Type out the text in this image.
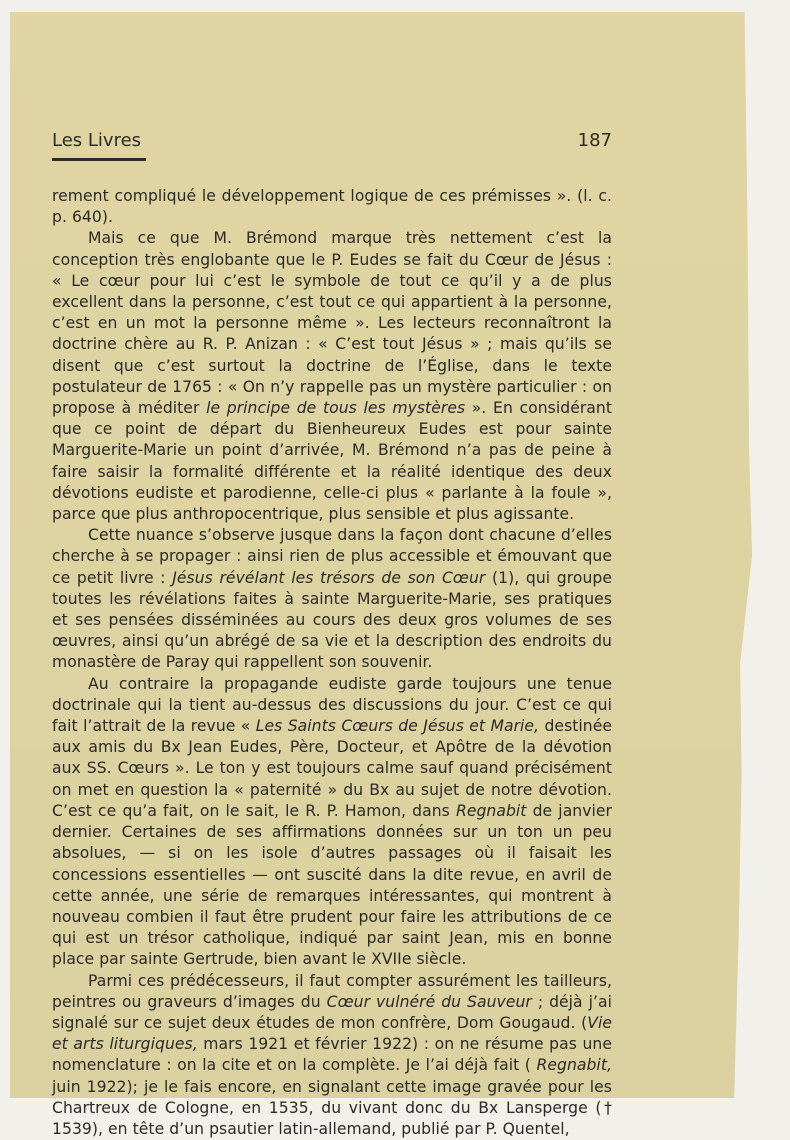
Les Livres	187

rement compliqué le développement logique de ces prémisses ». (l. c. p. 640).

Mais ce que M. Brémond marque très nettement c’est la conception très englobante que le P. Eudes se fait du Cœur de Jésus : « Le cœur pour lui c’est le symbole de tout ce qu’il y a de plus excellent dans la personne, c’est tout ce qui appartient à la personne, c’est en un mot la personne même ». Les lecteurs reconnaîtront la doctrine chère au R. P. Anizan : « C’est tout Jésus » ; mais qu’ils se disent que c’est surtout la doctrine de l’Église, dans le texte postulateur de 1765 : « On n’y rappelle pas un mystère particulier : on propose à méditer le principe de tous les mystères ». En considérant que ce point de départ du Bienheureux Eudes est pour sainte Marguerite-Marie un point d’arrivée, M. Brémond n’a pas de peine à faire saisir la formalité différente et la réalité identique des deux dévotions eudiste et parodienne, celle-ci plus « parlante à la foule », parce que plus anthropocentrique, plus sensible et plus agissante.

Cette nuance s’observe jusque dans la façon dont chacune d’elles cherche à se propager : ainsi rien de plus accessible et émouvant que ce petit livre : Jésus révélant les trésors de son Cœur (1), qui groupe toutes les révélations faites à sainte Marguerite-Marie, ses pratiques et ses pensées disséminées au cours des deux gros volumes de ses œuvres, ainsi qu’un abrégé de sa vie et la description des endroits du monastère de Paray qui rappellent son souvenir.

Au contraire la propagande eudiste garde toujours une tenue doctrinale qui la tient au-dessus des discussions du jour. C’est ce qui fait l’attrait de la revue « Les Saints Cœurs de Jésus et Marie, destinée aux amis du Bx Jean Eudes, Père, Docteur, et Apôtre de la dévotion aux SS. Cœurs ». Le ton y est toujours calme sauf quand précisément on met en question la « paternité » du Bx au sujet de notre dévotion. C’est ce qu’a fait, on le sait, le R. P. Hamon, dans Regnabit de janvier dernier. Certaines de ses affirmations données sur un ton un peu absolues, — si on les isole d’autres passages où il faisait les concessions essentielles — ont suscité dans la dite revue, en avril de cette année, une série de remarques intéressantes, qui montrent à nouveau combien il faut être prudent pour faire les attributions de ce qui est un trésor catholique, indiqué par saint Jean, mis en bonne place par sainte Gertrude, bien avant le XVIIe siècle.

Parmi ces prédécesseurs, il faut compter assurément les tailleurs, peintres ou graveurs d’images du Cœur vulnéré du Sauveur ; déjà j’ai signalé sur ce sujet deux études de mon confrère, Dom Gougaud. (Vie et arts liturgiques, mars 1921 et février 1922) : on ne résume pas une nomenclature : on la cite et on la complète. Je l’ai déjà fait ( Regnabit, juin 1922); je le fais encore, en signalant cette image gravée pour les Chartreux de Cologne, en 1535, du vivant donc du Bx Lansperge († 1539), en tête d’un psautier latin-allemand, publié par P. Quentel,
